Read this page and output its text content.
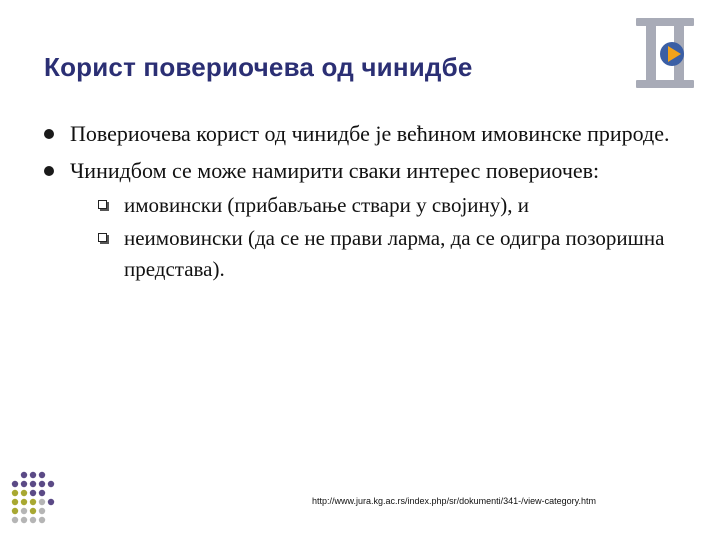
Корист повериочева од чинидбе
Повериочева корист од чинидбе је већином имовинске природе.
Чинидбом се може намирити сваки интерес повериочев:
имовински (прибављање ствари у својину), и
неимовински (да се не прави ларма, да се одигра позоришна представа).
http://www.jura.kg.ac.rs/index.php/sr/dokumenti/341-/view-category.htm
